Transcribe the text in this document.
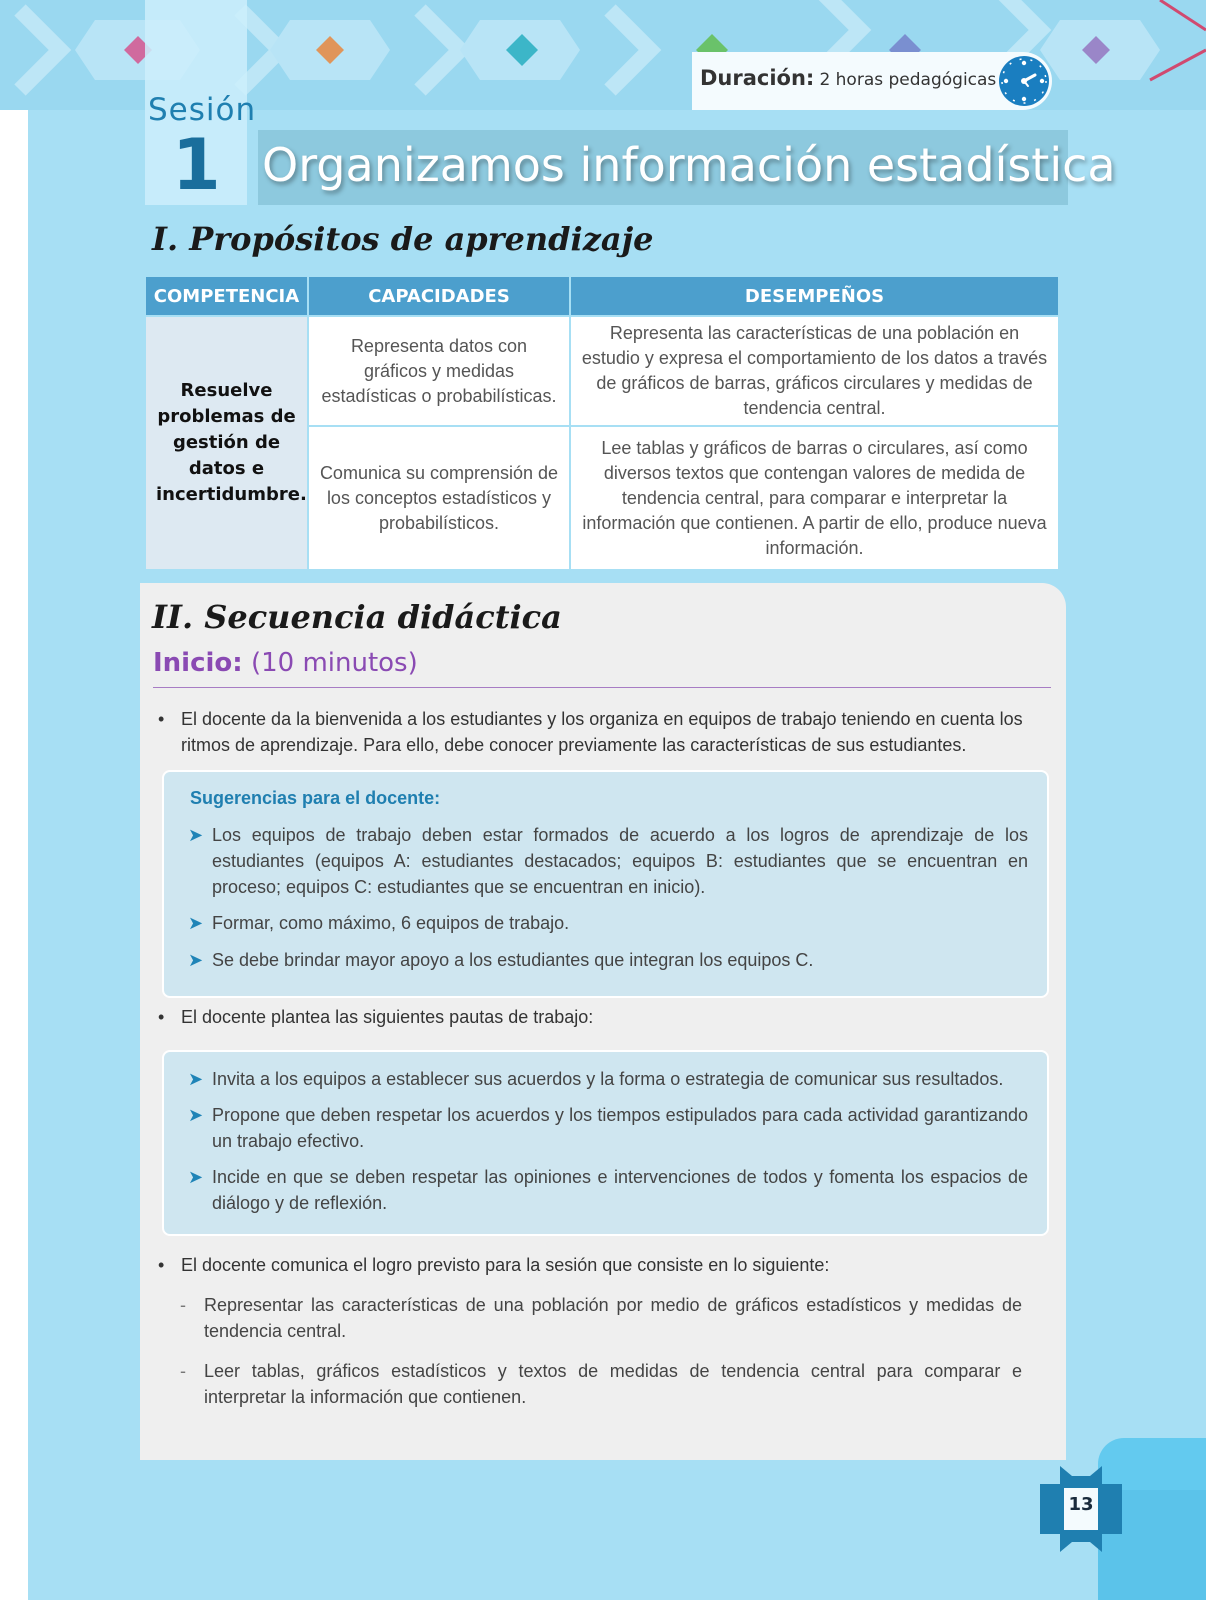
Sesión
1
Duración: 2 horas pedagógicas
Organizamos información estadística
I. Propósitos de aprendizaje
COMPETENCIA	CAPACIDADES	DESEMPEÑOS
Resuelve problemas de gestión de datos e incertidumbre.	Representa datos con gráficos y medidas estadísticas o probabilísticas.	Representa las características de una población en estudio y expresa el comportamiento de los datos a través de gráficos de barras, gráficos circulares y medidas de tendencia central.
	Comunica su comprensión de los conceptos estadísticos y probabilísticos.	Lee tablas y gráficos de barras o circulares, así como diversos textos que contengan valores de medida de tendencia central, para comparar e interpretar la información que contienen. A partir de ello, produce nueva información.
II. Secuencia didáctica
Inicio: (10 minutos)
• El docente da la bienvenida a los estudiantes y los organiza en equipos de trabajo teniendo en cuenta los ritmos de aprendizaje. Para ello, debe conocer previamente las características de sus estudiantes.
Sugerencias para el docente:
➤ Los equipos de trabajo deben estar formados de acuerdo a los logros de aprendizaje de los estudiantes (equipos A: estudiantes destacados; equipos B: estudiantes que se encuentran en proceso; equipos C: estudiantes que se encuentran en inicio).
➤ Formar, como máximo, 6 equipos de trabajo.
➤ Se debe brindar mayor apoyo a los estudiantes que integran los equipos C.
• El docente plantea las siguientes pautas de trabajo:
➤ Invita a los equipos a establecer sus acuerdos y la forma o estrategia de comunicar sus resultados.
➤ Propone que deben respetar los acuerdos y los tiempos estipulados para cada actividad garantizando un trabajo efectivo.
➤ Incide en que se deben respetar las opiniones e intervenciones de todos y fomenta los espacios de diálogo y de reflexión.
• El docente comunica el logro previsto para la sesión que consiste en lo siguiente:
- Representar las características de una población por medio de gráficos estadísticos y medidas de tendencia central.
- Leer tablas, gráficos estadísticos y textos de medidas de tendencia central para comparar e interpretar la información que contienen.
13
